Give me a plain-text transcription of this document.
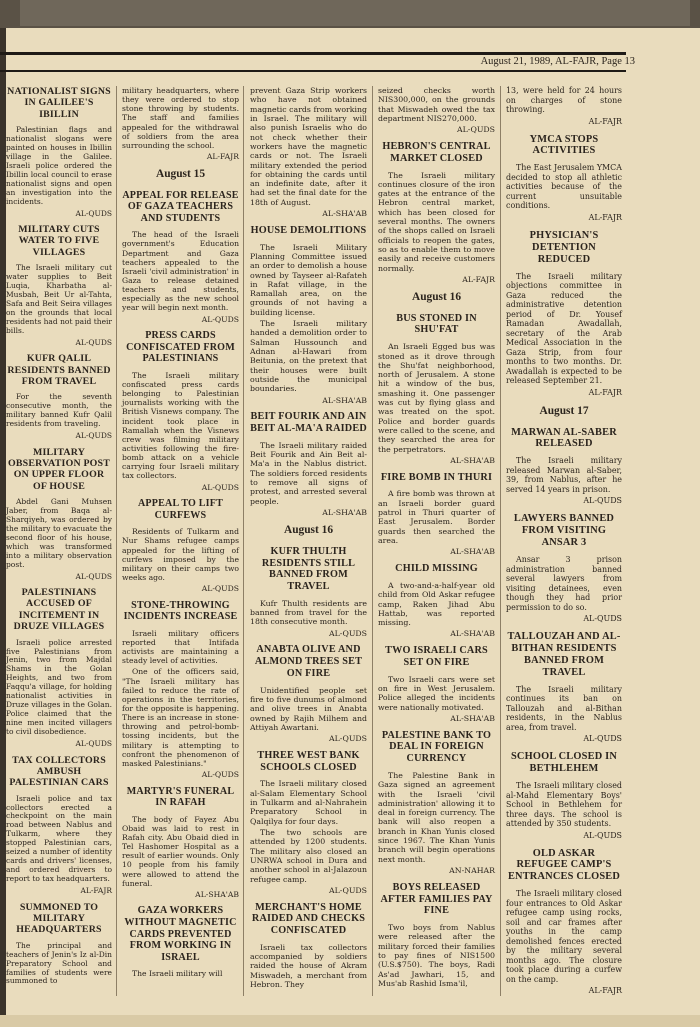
August 21, 1989, AL-FAJR, Page 13
NATIONALIST SIGNS IN GALILEE'S IBILLIN

Palestinian flags and nationalist slogans were painted on houses in Ibillin village in the Galilee. Israeli police ordered the Ibillin local council to erase nationalist signs and open an investigation into the incidents.

AL-QUDS
MILITARY CUTS WATER TO FIVE VILLAGES

The Israeli military cut water supplies to Beit Luqia, Kharbatha al-Musbah, Beit Ur al-Tahta, Safa and Beit Seira villages on the grounds that local residents had not paid their bills.

AL-QUDS
KUFR QALIL RESIDENTS BANNED FROM TRAVEL

For the seventh consecutive month, the military banned Kufr Qalil residents from traveling.

AL-QUDS
MILITARY OBSERVATION POST ON UPPER FLOOR OF HOUSE

Abdel Gani Muhsen Jaber, from Baqa al-Sharqiyeh, was ordered by the military to evacuate the second floor of his house, which was transformed into a military observation post.

AL-QUDS
PALESTINIANS ACCUSED OF INCITEMENT IN DRUZE VILLAGES

Israeli police arrested five Palestinians from Jenin, two from Majdal Shams in the Golan Heights, and two from Faqqu'a village, for holding nationalist activities in Druze villages in the Golan. Police claimed that the nine men incited villagers to civil disobedience.

AL-QUDS
TAX COLLECTORS AMBUSH PALESTINIAN CARS

Israeli police and tax collectors erected a checkpoint on the main road between Nablus and Tulkarm, where they stopped Palestinian cars, seized a number of identity cards and drivers' licenses, and ordered drivers to report to tax headquarters.

AL-FAJR
SUMMONED TO MILITARY HEADQUARTERS

The principal and teachers of Jenin's Iz al-Din Preparatory School and families of students were summoned to

military headquarters, where they were ordered to stop stone throwing by students. The staff and families appealed for the withdrawal of soldiers from the area surrounding the school.

AL-FAJR
August 15
APPEAL FOR RELEASE OF GAZA TEACHERS AND STUDENTS

The head of the Israeli government's Education Department and Gaza teachers appealed to the Israeli 'civil administration' in Gaza to release detained teachers and students, especially as the new school year will begin next month.

AL-QUDS
PRESS CARDS CONFISCATED FROM PALESTINIANS

The Israeli military confiscated press cards belonging to Palestinian journalists working with the British Visnews company. The incident took place in Ramallah when the Visnews crew was filming military activities following the fire-bomb attack on a vehicle carrying four Israeli military tax collectors.

AL-QUDS
APPEAL TO LIFT CURFEWS

Residents of Tulkarm and Nur Shams refugee camps appealed for the lifting of curfews imposed by the military on their camps two weeks ago.

AL-QUDS
STONE-THROWING INCIDENTS INCREASE

Israeli military officers reported that Intifada activists are maintaining a steady level of activities.

One of the officers said, "The Israeli military has failed to reduce the rate of operations in the territories, for the opposite is happening. There is an increase in stone-throwing and petrol-bomb-tossing incidents, but the military is attempting to confront the phenomenon of masked Palestinians."

AL-QUDS
MARTYR'S FUNERAL IN RAFAH

The body of Fayez Abu Obaid was laid to rest in Rafah city. Abu Obaid died in Tel Hashomer Hospital as a result of earlier wounds. Only 10 people from his family were allowed to attend the funeral.

AL-SHA'AB
GAZA WORKERS WITHOUT MAGNETIC CARDS PREVENTED FROM WORKING IN ISRAEL

The Israeli military will

prevent Gaza Strip workers who have not obtained magnetic cards from working in Israel. The military will also punish Israelis who do not check whether their workers have the magnetic cards or not. The Israeli military extended the period for obtaining the cards until an indefinite date, after it had set the final date for the 18th of August.

AL-SHA'AB
HOUSE DEMOLITIONS

The Israeli Military Planning Committee issued an order to demolish a house owned by Tayseer al-Rafateh in Rafat village, in the Ramallah area, on the grounds of not having a building license.

The Israeli military handed a demolition order to Salman Hussounch and Adnan al-Hawari from Beitunia, on the pretext that their houses were built outside the municipal boundaries.

AL-SHA'AB
BEIT FOURIK AND AIN BEIT AL-MA'A RAIDED

The Israeli military raided Beit Fourik and Ain Beit al-Ma'a in the Nablus district. The soldiers forced residents to remove all signs of protest, and arrested several people.

AL-SHA'AB
August 16
KUFR THULTH RESIDENTS STILL BANNED FROM TRAVEL

Kufr Thulth residents are banned from travel for the 18th consecutive month.

AL-QUDS
ANABTA OLIVE AND ALMOND TREES SET ON FIRE

Unidentified people set fire to five dunums of almond and olive trees in Anabta owned by Rajih Milhem and Attiyah Awartani.

AL-QUDS
THREE WEST BANK SCHOOLS CLOSED

The Israeli military closed al-Salam Elementary School in Tulkarm and al-Nahrahein Preparatory School in Qalqilya for four days.

The two schools are attended by 1200 students. The military also closed an UNRWA school in Dura and another school in al-Jalazoun refugee camp.

AL-QUDS
MERCHANT'S HOME RAIDED AND CHECKS CONFISCATED

Israeli tax collectors accompanied by soldiers raided the house of Akram Miswadeh, a merchant from Hebron. They

seized checks worth NIS300,000, on the grounds that Miswadeh owed the tax department NIS270,000.

AL-QUDS
HEBRON'S CENTRAL MARKET CLOSED

The Israeli military continues closure of the iron gates at the entrance of the Hebron central market, which has been closed for several months. The owners of the shops called on Israeli officials to reopen the gates, so as to enable them to move easily and receive customers normally.

AL-FAJR
August 16
BUS STONED IN SHU'FAT

An Israeli Egged bus was stoned as it drove through the Shu'fat neighborhood, north of Jerusalem. A stone hit a window of the bus, smashing it. One passenger was cut by flying glass and was treated on the spot. Police and border guards were called to the scene, and they searched the area for the perpetrators.

AL-SHA'AB
FIRE BOMB IN THURI

A fire bomb was thrown at an Israeli border guard patrol in Thuri quarter of East Jerusalem. Border guards then searched the area.

AL-SHA'AB
CHILD MISSING

A two-and-a-half-year old child from Old Askar refugee camp, Raken Jihad Abu Hattab, was reported missing.

AL-SHA'AB
TWO ISRAELI CARS SET ON FIRE

Two Israeli cars were set on fire in West Jerusalem. Police alleged the incidents were nationally motivated.

AL-SHA'AB
PALESTINE BANK TO DEAL IN FOREIGN CURRENCY

The Palestine Bank in Gaza signed an agreement with the Israeli 'civil administration' allowing it to deal in foreign currency. The bank will also reopen a branch in Khan Yunis closed since 1967. The Khan Yunis branch will begin operations next month.

AN-NAHAR
BOYS RELEASED AFTER FAMILIES PAY FINE

Two boys from Nablus were released after the military forced their families to pay fines of NIS1500 (U.S.$750). The boys, Radi As'ad Jawhari, 15, and Mus'ab Rashid Isma'il,

13, were held for 24 hours on charges of stone throwing.

AL-FAJR
YMCA STOPS ACTIVITIES

The East Jerusalem YMCA decided to stop all athletic activities because of the current unsuitable conditions.

AL-FAJR
PHYSICIAN'S DETENTION REDUCED

The Israeli military objections committee in Gaza reduced the administrative detention period of Dr. Yousef Ramadan Awadallah, secretary of the Arab Medical Association in the Gaza Strip, from four months to two months. Dr. Awadallah is expected to be released September 21.

AL-FAJR
August 17
MARWAN AL-SABER RELEASED

The Israeli military released Marwan al-Saber, 39, from Nablus, after he served 14 years in prison.

AL-QUDS
LAWYERS BANNED FROM VISITING ANSAR 3

Ansar 3 prison administration banned several lawyers from visiting detainees, even though they had prior permission to do so.

AL-QUDS
TALLOUZAH AND AL-BITHAN RESIDENTS BANNED FROM TRAVEL

The Israeli military continues its ban on Tallouzah and al-Bithan residents, in the Nablus area, from travel.

AL-QUDS
SCHOOL CLOSED IN BETHLEHEM

The Israeli military closed al-Mahd Elementary Boys' School in Bethlehem for three days. The school is attended by 350 students.

AL-QUDS
OLD ASKAR REFUGEE CAMP'S ENTRANCES CLOSED

The Israeli military closed four entrances to Old Askar refugee camp using rocks, soil and car frames after youths in the camp demolished fences erected by the military several months ago. The closure took place during a curfew on the camp.

AL-FAJR
